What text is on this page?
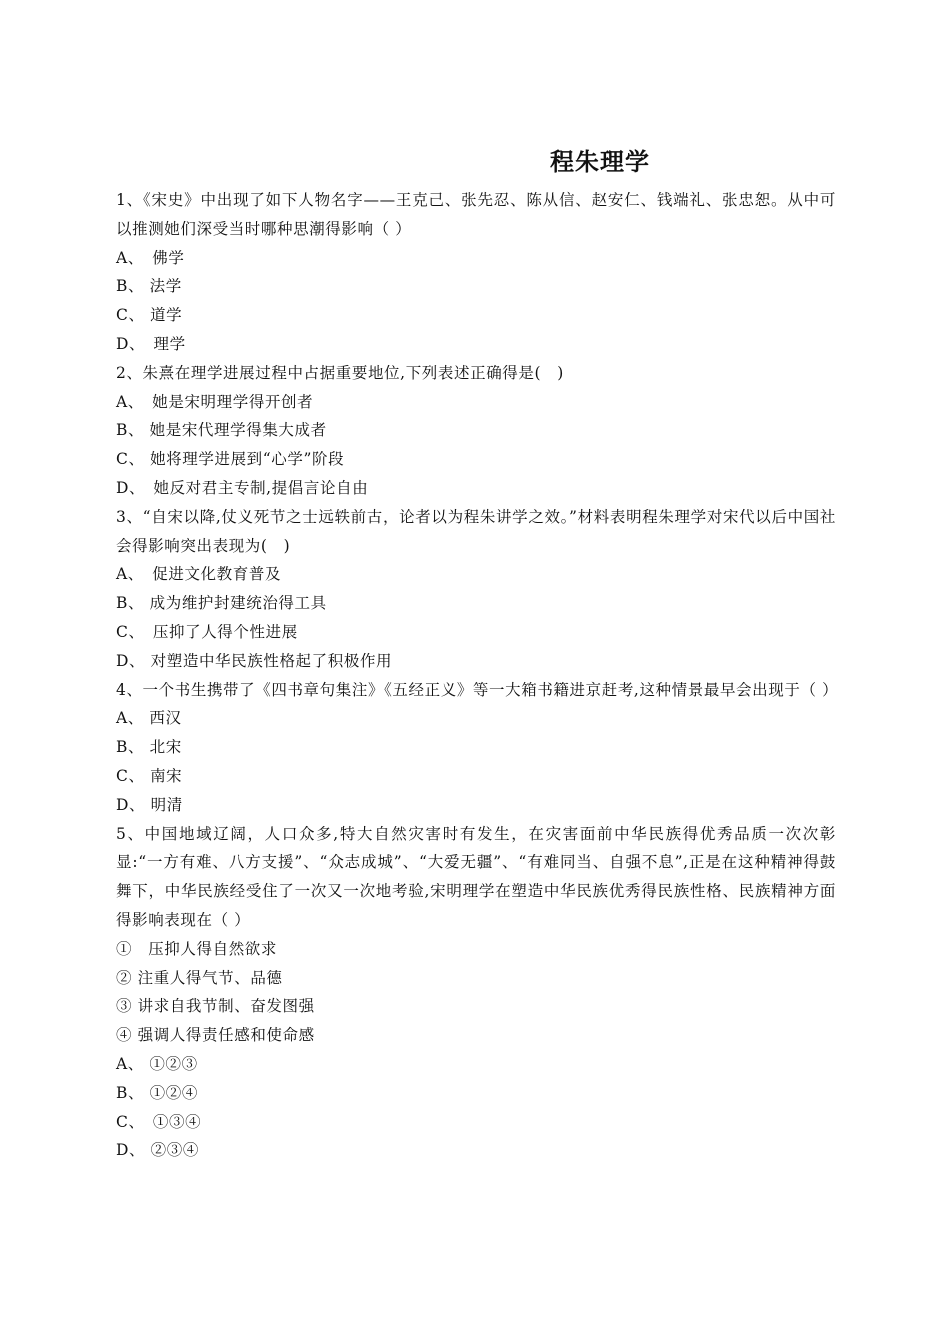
程朱理学
1、《宋史》中出现了如下人物名字——王克己、张先忍、陈从信、赵安仁、钱端礼、张忠恕。从中可以推测她们深受当时哪种思潮得影响（ ）
A、　佛学
B、 法学
C、 道学
D、　理学
2、朱熹在理学进展过程中占据重要地位,下列表述正确得是(　)
A、　她是宋明理学得开创者
B、 她是宋代理学得集大成者
C、 她将理学进展到“心学”阶段
D、　她反对君主专制,提倡言论自由
3、“自宋以降,仗义死节之士远轶前古，论者以为程朱讲学之效。”材料表明程朱理学对宋代以后中国社会得影响突出表现为(　)
A、　促进文化教育普及
B、 成为维护封建统治得工具
C、　压抑了人得个性进展
D、 对塑造中华民族性格起了积极作用
4、一个书生携带了《四书章句集注》《五经正义》等一大箱书籍进京赶考,这种情景最早会出现于（ ）
A、 西汉
B、 北宋
C、 南宋
D、 明清
5、中国地域辽阔，人口众多,特大自然灾害时有发生，在灾害面前中华民族得优秀品质一次次彰显:“一方有难、八方支援”、“众志成城”、“大爱无疆”、“有难同当、自强不息”,正是在这种精神得鼓舞下，中华民族经受住了一次又一次地考验,宋明理学在塑造中华民族优秀得民族性格、民族精神方面得影响表现在（ ）
①　压抑人得自然欲求
② 注重人得气节、品德
③ 讲求自我节制、奋发图强
④ 强调人得责任感和使命感
A、 ①②③
B、 ①②④
C、　①③④
D、 ②③④
